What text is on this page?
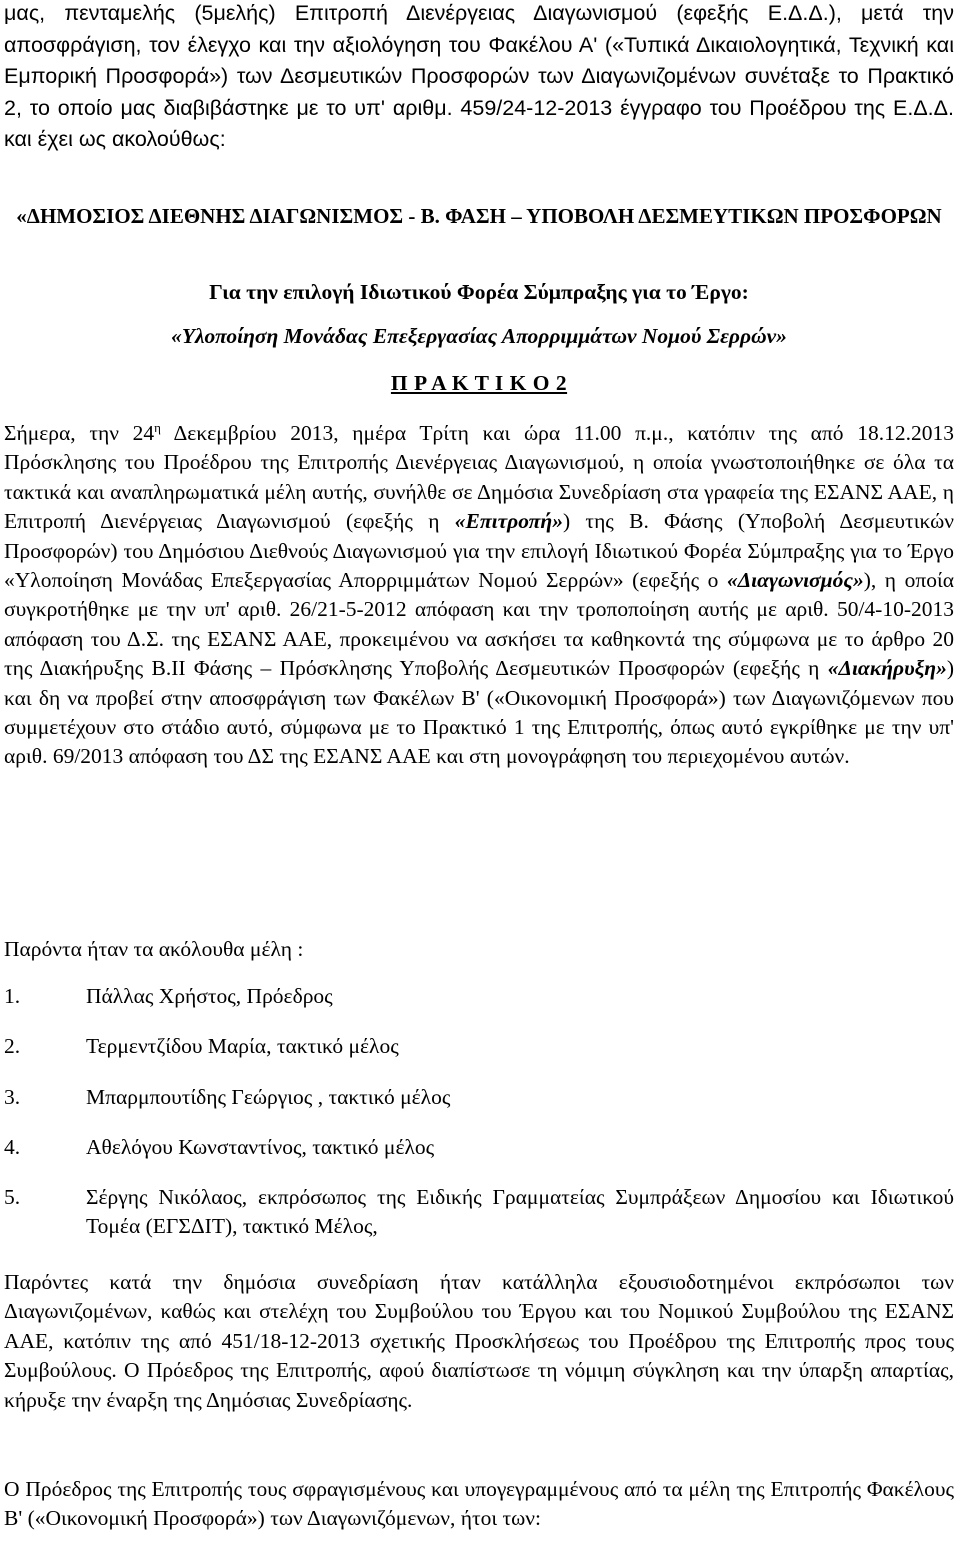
μας, πενταμελής (5μελής) Επιτροπή Διενέργειας Διαγωνισμού (εφεξής Ε.Δ.Δ.), μετά την αποσφράγιση, τον έλεγχο και την αξιολόγηση του Φακέλου Α' («Τυπικά Δικαιολογητικά, Τεχνική και Εμπορική Προσφορά») των Δεσμευτικών Προσφορών των Διαγωνιζομένων συνέταξε το Πρακτικό 2, το οποίο μας διαβιβάστηκε με το υπ' αριθμ. 459/24-12-2013 έγγραφο του Προέδρου της Ε.Δ.Δ. και έχει ως ακολούθως:

«ΔΗΜΟΣΙΟΣ ΔΙΕΘΝΗΣ ΔΙΑΓΩΝΙΣΜΟΣ - Β. ΦΑΣΗ – ΥΠΟΒΟΛΗ ΔΕΣΜΕΥΤΙΚΩΝ ΠΡΟΣΦΟΡΩΝ
Για την επιλογή Ιδιωτικού Φορέα Σύμπραξης για το Έργο:
«Υλοποίηση Μονάδας Επεξεργασίας Απορριμμάτων Νομού Σερρών»
Π Ρ Α Κ Τ Ι Κ Ο 2

Σήμερα, την $24^\eta$ Δεκεμβρίου 2013, ημέρα Τρίτη και ώρα 11.00 π.μ., κατόπιν της από 18.12.2013 Πρόσκλησης του Προέδρου της Επιτροπής Διενέργειας Διαγωνισμού, η οποία γνωστοποιήθηκε σε όλα τα τακτικά και αναπληρωματικά μέλη αυτής, συνήλθε σε Δημόσια Συνεδρίαση στα γραφεία της ΕΣΑΝΣ ΑΑΕ, η Επιτροπή Διενέργειας Διαγωνισμού (εφεξής η «Επιτροπή») της Β. Φάσης (Υποβολή Δεσμευτικών Προσφορών) του Δημόσιου Διεθνούς Διαγωνισμού για την επιλογή Ιδιωτικού Φορέα Σύμπραξης για το Έργο «Υλοποίηση Μονάδας Επεξεργασίας Απορριμμάτων Νομού Σερρών» (εφεξής ο «Διαγωνισμός»), η οποία συγκροτήθηκε με την υπ' αριθ. 26/21-5-2012 απόφαση και την τροποποίηση αυτής με αριθ. 50/4-10-2013 απόφαση του Δ.Σ. της ΕΣΑΝΣ ΑΑΕ, προκειμένου να ασκήσει τα καθηκοντά της σύμφωνα με το άρθρο 20 της Διακήρυξης Β.ΙΙ Φάσης – Πρόσκλησης Υποβολής Δεσμευτικών Προσφορών (εφεξής η «Διακήρυξη») και δη να προβεί στην αποσφράγιση των Φακέλων Β' («Οικονομική Προσφορά») των Διαγωνιζόμενων που συμμετέχουν στο στάδιο αυτό, σύμφωνα με το Πρακτικό 1 της Επιτροπής, όπως αυτό εγκρίθηκε με την υπ' αριθ. 69/2013 απόφαση του ΔΣ της ΕΣΑΝΣ ΑΑΕ και στη μονογράφηση του περιεχομένου αυτών.

Παρόντα ήταν τα ακόλουθα μέλη :

1.	Πάλλας Χρήστος, Πρόεδρος
2.	Τερμεντζίδου Μαρία, τακτικό μέλος
3.	Μπαρμπουτίδης Γεώργιος , τακτικό μέλος
4.	Αθελόγου Κωνσταντίνος, τακτικό μέλος
5.	Σέργης Νικόλαος, εκπρόσωπος της Ειδικής Γραμματείας Συμπράξεων Δημοσίου και Ιδιωτικού Τομέα (ΕΓΣΔΙΤ), τακτικό Μέλος,

Παρόντες κατά την δημόσια συνεδρίαση ήταν κατάλληλα εξουσιοδοτημένοι εκπρόσωποι των Διαγωνιζομένων, καθώς και στελέχη του Συμβούλου του Έργου και του Νομικού Συμβούλου της ΕΣΑΝΣ ΑΑΕ, κατόπιν της από 451/18-12-2013 σχετικής Προσκλήσεως του Προέδρου της Επιτροπής προς τους Συμβούλους. Ο Πρόεδρος της Επιτροπής, αφού διαπίστωσε τη νόμιμη σύγκληση και την ύπαρξη απαρτίας, κήρυξε την έναρξη της Δημόσιας Συνεδρίασης.

Ο Πρόεδρος της Επιτροπής τους σφραγισμένους και υπογεγραμμένους από τα μέλη της Επιτροπής Φακέλους Β' («Οικονομική Προσφορά») των Διαγωνιζόμενων, ήτοι των:
